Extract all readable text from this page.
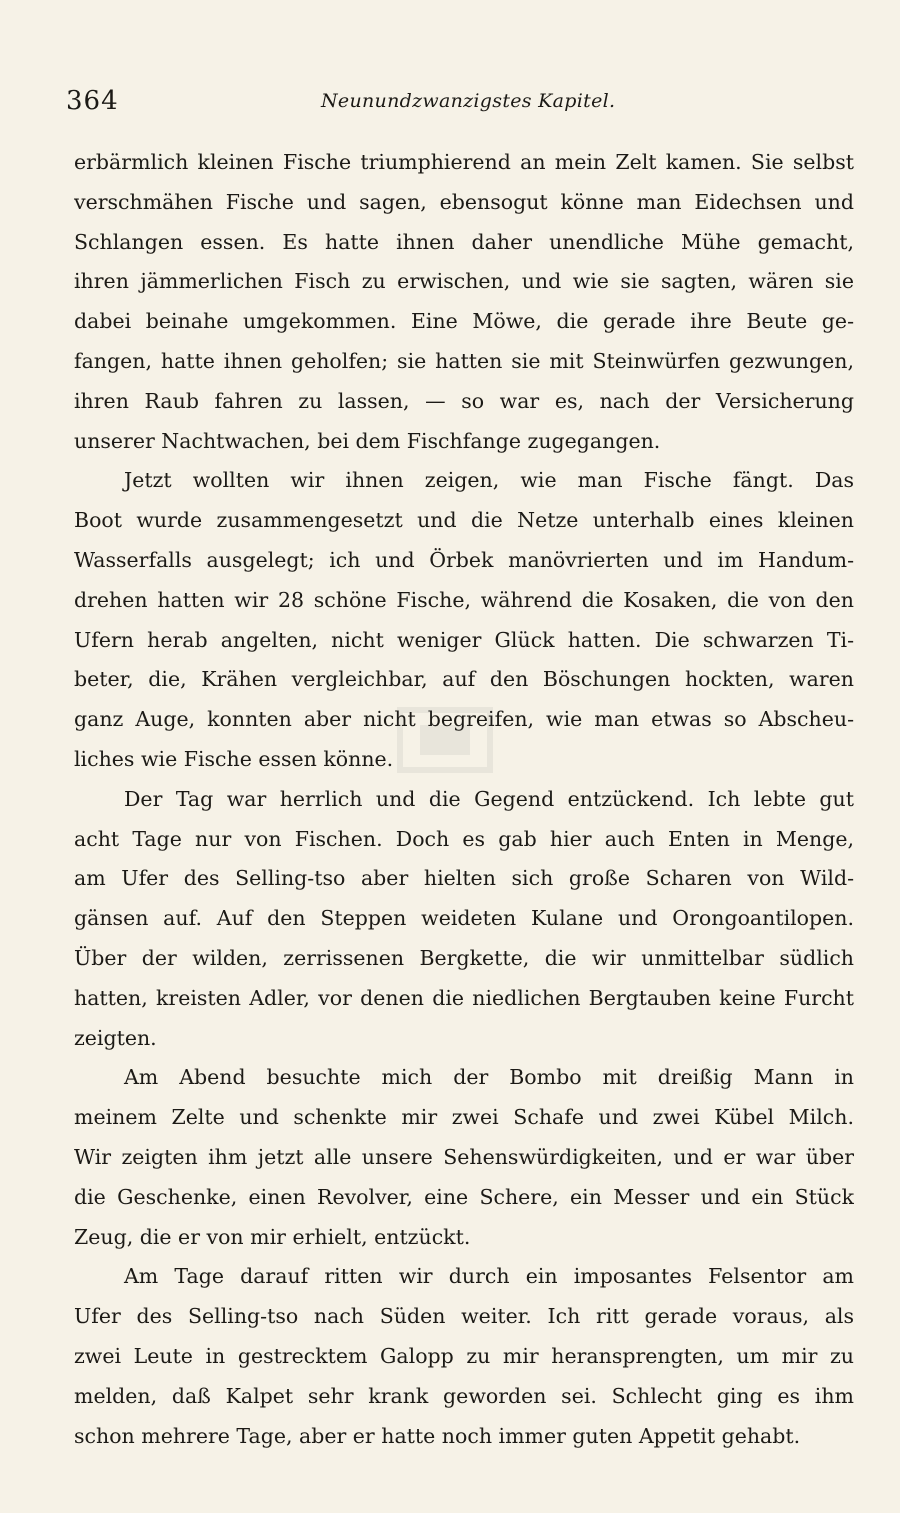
364	Neunundzwanzigstes Kapitel.
erbärmlich kleinen Fische triumphierend an mein Zelt kamen. Sie selbst
verschmähen Fische und sagen, ebensogut könne man Eidechsen und
Schlangen essen. Es hatte ihnen daher unendliche Mühe gemacht,
ihren jämmerlichen Fisch zu erwischen, und wie sie sagten, wären sie
dabei beinahe umgekommen. Eine Möwe, die gerade ihre Beute ge-
fangen, hatte ihnen geholfen; sie hatten sie mit Steinwürfen gezwungen,
ihren Raub fahren zu lassen, — so war es, nach der Versicherung
unserer Nachtwachen, bei dem Fischfange zugegangen.
Jetzt wollten wir ihnen zeigen, wie man Fische fängt. Das
Boot wurde zusammengesetzt und die Netze unterhalb eines kleinen
Wasserfalls ausgelegt; ich und Örbek manövrierten und im Handum-
drehen hatten wir 28 schöne Fische, während die Kosaken, die von den
Ufern herab angelten, nicht weniger Glück hatten. Die schwarzen Ti-
beter, die, Krähen vergleichbar, auf den Böschungen hockten, waren
ganz Auge, konnten aber nicht begreifen, wie man etwas so Abscheu-
liches wie Fische essen könne.
Der Tag war herrlich und die Gegend entzückend. Ich lebte gut
acht Tage nur von Fischen. Doch es gab hier auch Enten in Menge,
am Ufer des Selling-tso aber hielten sich große Scharen von Wild-
gänsen auf. Auf den Steppen weideten Kulane und Orongoantilopen.
Über der wilden, zerrissenen Bergkette, die wir unmittelbar südlich
hatten, kreisten Adler, vor denen die niedlichen Bergtauben keine Furcht
zeigten.
Am Abend besuchte mich der Bombo mit dreißig Mann in
meinem Zelte und schenkte mir zwei Schafe und zwei Kübel Milch.
Wir zeigten ihm jetzt alle unsere Sehenswürdigkeiten, und er war über
die Geschenke, einen Revolver, eine Schere, ein Messer und ein Stück
Zeug, die er von mir erhielt, entzückt.
Am Tage darauf ritten wir durch ein imposantes Felsentor am
Ufer des Selling-tso nach Süden weiter. Ich ritt gerade voraus, als
zwei Leute in gestrecktem Galopp zu mir heransprengten, um mir zu
melden, daß Kalpet sehr krank geworden sei. Schlecht ging es ihm
schon mehrere Tage, aber er hatte noch immer guten Appetit gehabt.
